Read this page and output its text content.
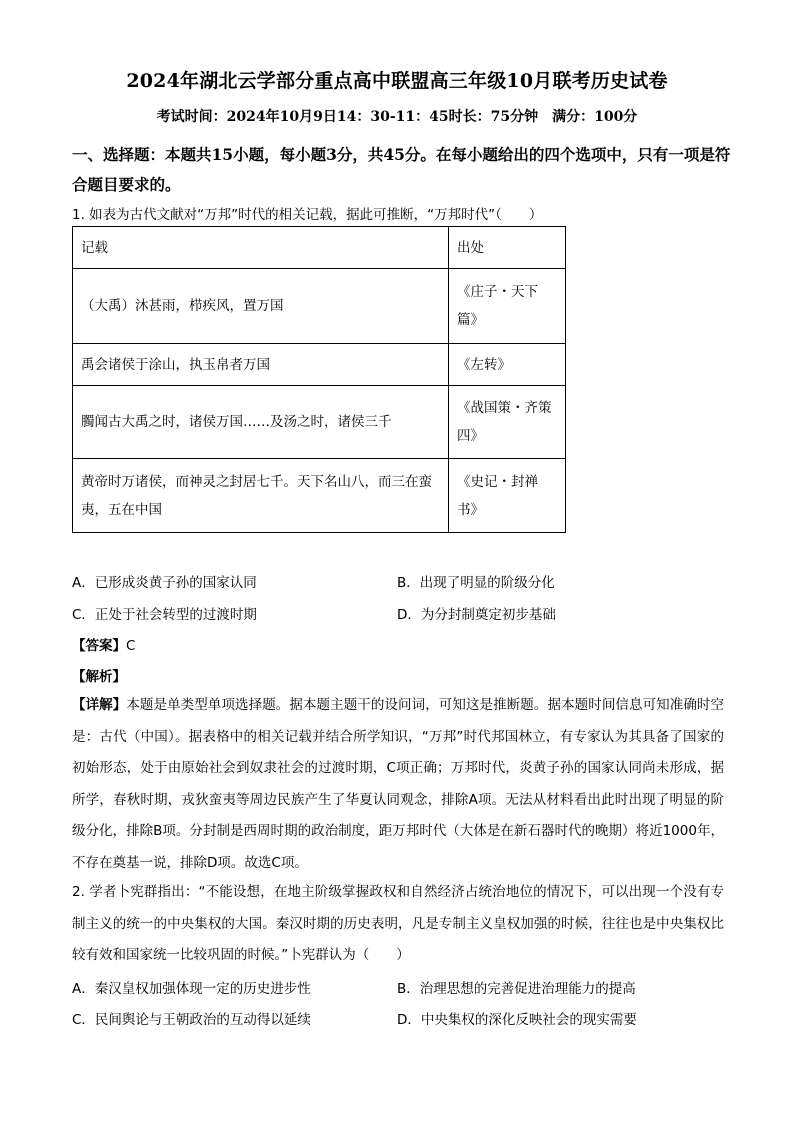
2024年湖北云学部分重点高中联盟高三年级10月联考历史试卷
考试时间：2024年10月9日14：30-11：45时长：75分钟　满分：100分
一、选择题：本题共15小题，每小题3分，共45分。在每小题给出的四个选项中，只有一项是符合题目要求的。
1. 如表为古代文献对“万邦”时代的相关记载，据此可推断，“万邦时代”（　　）
记载	出处
（大禹）沐甚雨，栉疾风，置万国	《庄子・天下篇》
禹会诸侯于涂山，执玉帛者万国	《左转》
臅闻古大禹之时，诸侯万国……及汤之时，诸侯三千	《战国策・齐策四》
黄帝时万诸侯，而神灵之封居七千。天下名山八，而三在蛮夷，五在中国	《史记・封禅书》
A．已形成炎黄子孙的国家认同	B．出现了明显的阶级分化
C．正处于社会转型的过渡时期	D．为分封制奠定初步基础
【答案】C
【解析】
【详解】本题是单类型单项选择题。据本题主题干的设问词，可知这是推断题。据本题时间信息可知准确时空是：古代（中国）。据表格中的相关记载并结合所学知识，“万邦”时代邦国林立，有专家认为其具备了国家的初始形态，处于由原始社会到奴隶社会的过渡时期，C项正确；万邦时代，炎黄子孙的国家认同尚未形成，据所学，春秋时期，戎狄蛮夷等周边民族产生了华夏认同观念，排除A项。无法从材料看出此时出现了明显的阶级分化，排除B项。分封制是西周时期的政治制度，距万邦时代（大体是在新石器时代的晚期）将近1000年，不存在奠基一说，排除D项。故选C项。
2. 学者卜宪群指出：“不能设想，在地主阶级掌握政权和自然经济占统治地位的情况下，可以出现一个没有专制主义的统一的中央集权的大国。秦汉时期的历史表明，凡是专制主义皇权加强的时候，往往也是中央集权比较有效和国家统一比较巩固的时候。”卜宪群认为（　　）
A．秦汉皇权加强体现一定的历史进步性	B．治理思想的完善促进治理能力的提高
C．民间舆论与王朝政治的互动得以延续	D．中央集权的深化反映社会的现实需要
